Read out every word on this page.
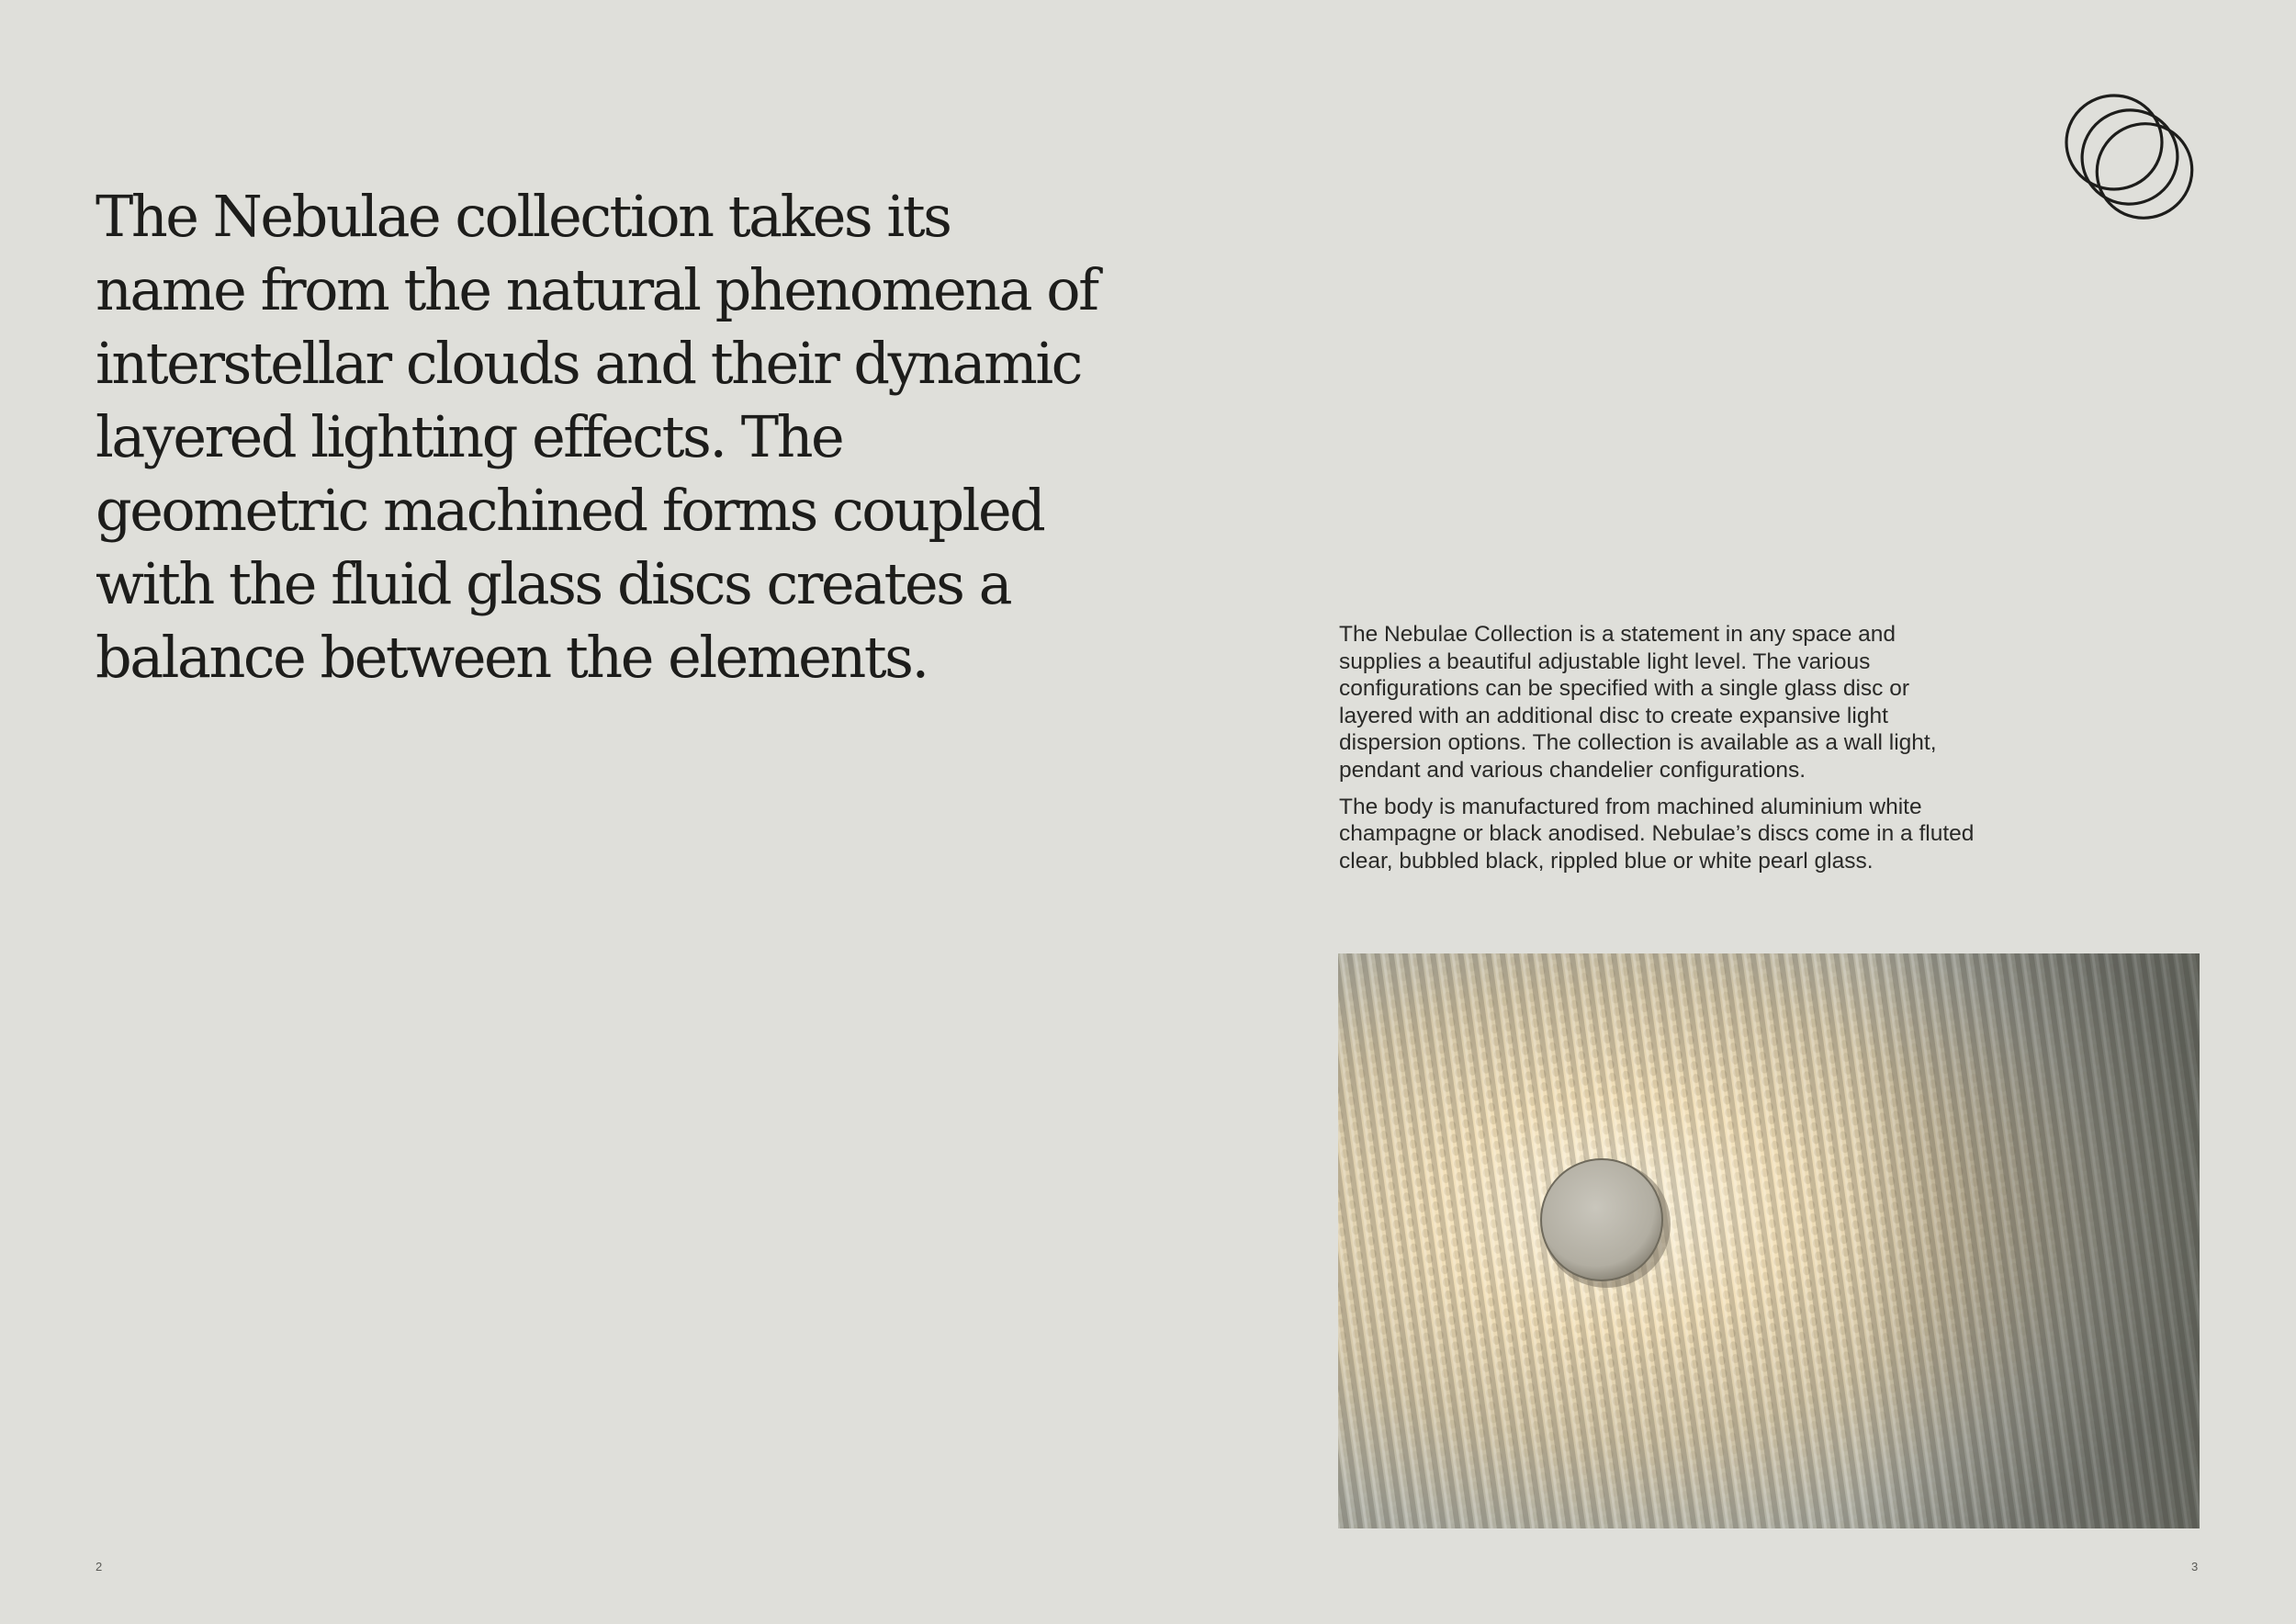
The Nebulae collection takes its name from the natural phenomena of interstellar clouds and their dynamic layered lighting effects. The geometric machined forms coupled with the fluid glass discs creates a balance between the elements.	The Nebulae Collection is a statement in any space and supplies a beautiful adjustable light level. The various configurations can be specified with a single glass disc or layered with an additional disc to create expansive light dispersion options. The collection is available as a wall light, pendant and various chandelier configurations.

The body is manufactured from machined aluminium white champagne or black anodised. Nebulae’s discs come in a fluted clear, bubbled black, rippled blue or white pearl glass.

2	3
